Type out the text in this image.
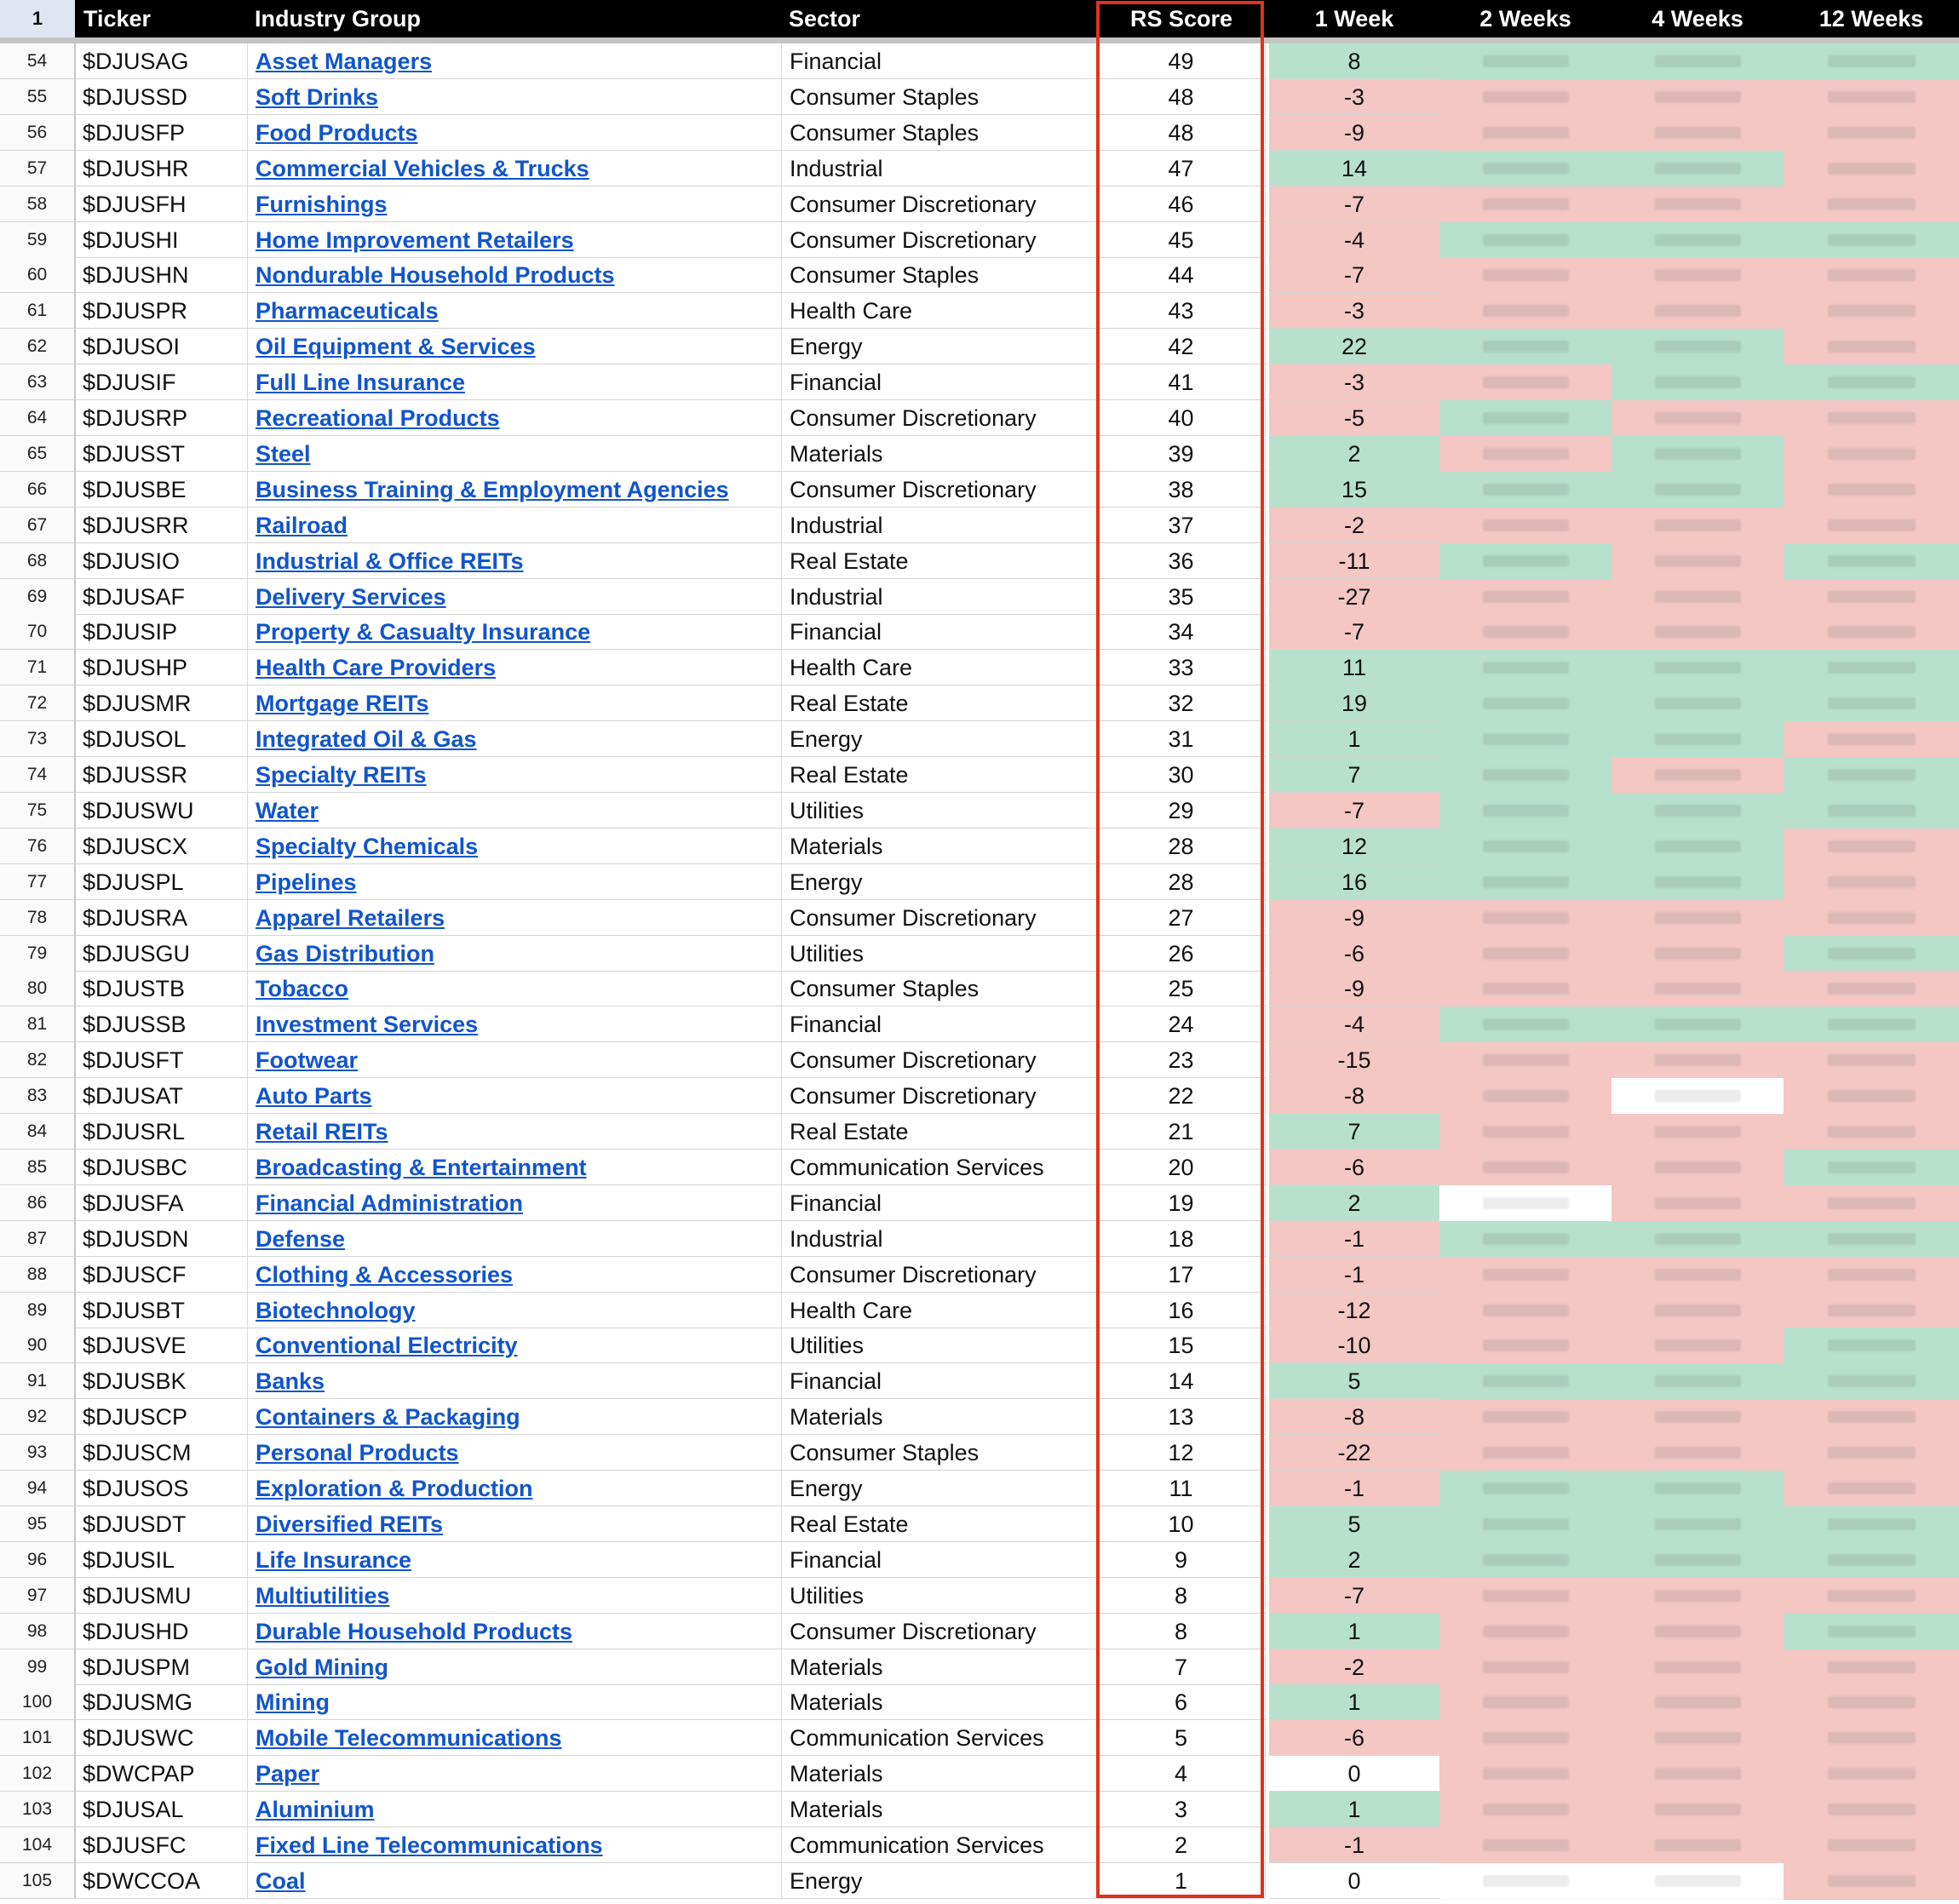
1	Ticker	Industry Group	Sector	RS Score	1 Week	2 Weeks	4 Weeks	12 Weeks
54	$DJUSAG	Asset Managers	Financial	49	8
55	$DJUSSD	Soft Drinks	Consumer Staples	48	-3
56	$DJUSFP	Food Products	Consumer Staples	48	-9
57	$DJUSHR	Commercial Vehicles & Trucks	Industrial	47	14
58	$DJUSFH	Furnishings	Consumer Discretionary	46	-7
59	$DJUSHI	Home Improvement Retailers	Consumer Discretionary	45	-4
60	$DJUSHN	Nondurable Household Products	Consumer Staples	44	-7
61	$DJUSPR	Pharmaceuticals	Health Care	43	-3
62	$DJUSOI	Oil Equipment & Services	Energy	42	22
63	$DJUSIF	Full Line Insurance	Financial	41	-3
64	$DJUSRP	Recreational Products	Consumer Discretionary	40	-5
65	$DJUSST	Steel	Materials	39	2
66	$DJUSBE	Business Training & Employment Agencies	Consumer Discretionary	38	15
67	$DJUSRR	Railroad	Industrial	37	-2
68	$DJUSIO	Industrial & Office REITs	Real Estate	36	-11
69	$DJUSAF	Delivery Services	Industrial	35	-27
70	$DJUSIP	Property & Casualty Insurance	Financial	34	-7
71	$DJUSHP	Health Care Providers	Health Care	33	11
72	$DJUSMR	Mortgage REITs	Real Estate	32	19
73	$DJUSOL	Integrated Oil & Gas	Energy	31	1
74	$DJUSSR	Specialty REITs	Real Estate	30	7
75	$DJUSWU	Water	Utilities	29	-7
76	$DJUSCX	Specialty Chemicals	Materials	28	12
77	$DJUSPL	Pipelines	Energy	28	16
78	$DJUSRA	Apparel Retailers	Consumer Discretionary	27	-9
79	$DJUSGU	Gas Distribution	Utilities	26	-6
80	$DJUSTB	Tobacco	Consumer Staples	25	-9
81	$DJUSSB	Investment Services	Financial	24	-4
82	$DJUSFT	Footwear	Consumer Discretionary	23	-15
83	$DJUSAT	Auto Parts	Consumer Discretionary	22	-8
84	$DJUSRL	Retail REITs	Real Estate	21	7
85	$DJUSBC	Broadcasting & Entertainment	Communication Services	20	-6
86	$DJUSFA	Financial Administration	Financial	19	2
87	$DJUSDN	Defense	Industrial	18	-1
88	$DJUSCF	Clothing & Accessories	Consumer Discretionary	17	-1
89	$DJUSBT	Biotechnology	Health Care	16	-12
90	$DJUSVE	Conventional Electricity	Utilities	15	-10
91	$DJUSBK	Banks	Financial	14	5
92	$DJUSCP	Containers & Packaging	Materials	13	-8
93	$DJUSCM	Personal Products	Consumer Staples	12	-22
94	$DJUSOS	Exploration & Production	Energy	11	-1
95	$DJUSDT	Diversified REITs	Real Estate	10	5
96	$DJUSIL	Life Insurance	Financial	9	2
97	$DJUSMU	Multiutilities	Utilities	8	-7
98	$DJUSHD	Durable Household Products	Consumer Discretionary	8	1
99	$DJUSPM	Gold Mining	Materials	7	-2
100	$DJUSMG	Mining	Materials	6	1
101	$DJUSWC	Mobile Telecommunications	Communication Services	5	-6
102	$DWCPAP	Paper	Materials	4	0
103	$DJUSAL	Aluminium	Materials	3	1
104	$DJUSFC	Fixed Line Telecommunications	Communication Services	2	-1
105	$DWCCOA	Coal	Energy	1	0
